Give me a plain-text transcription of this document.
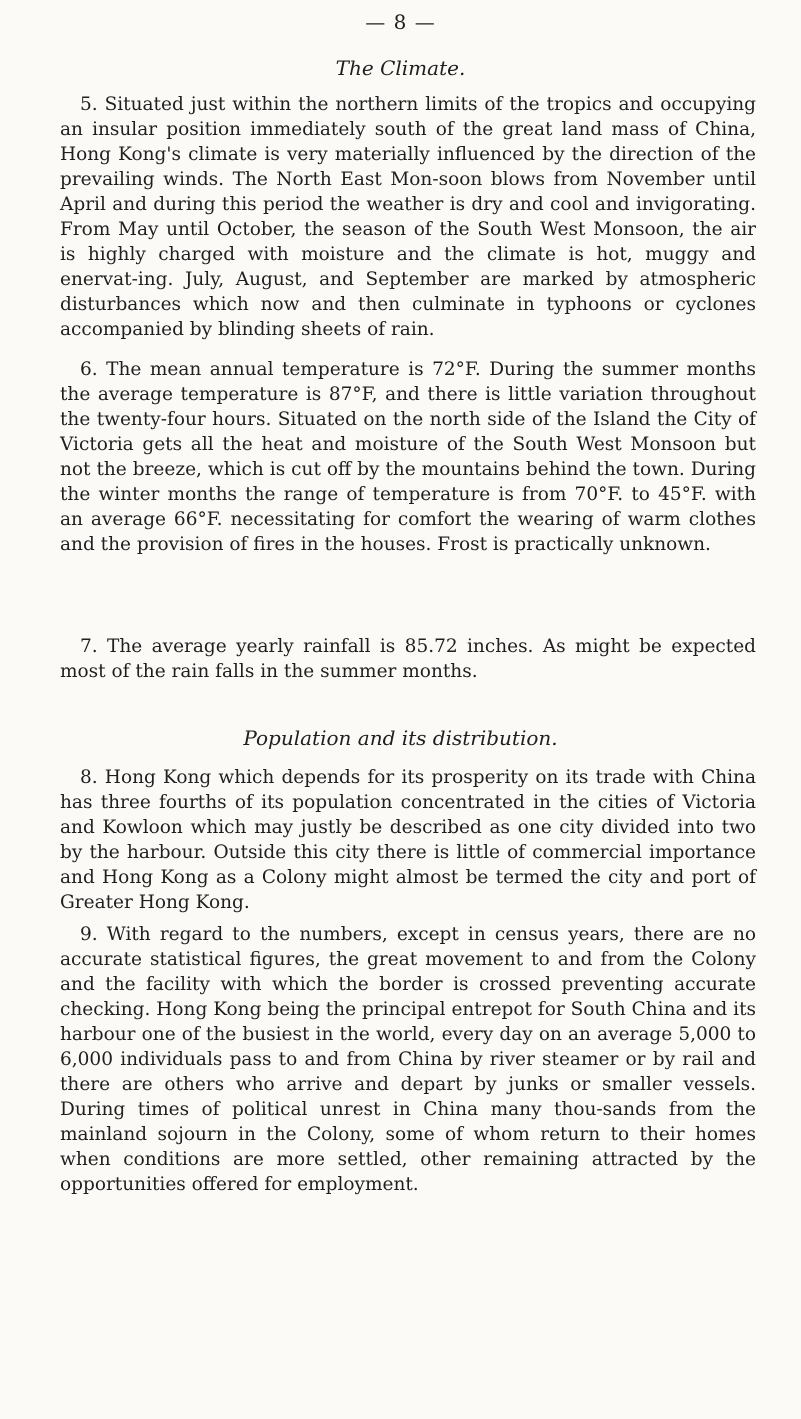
— 8 —
The Climate.

5. Situated just within the northern limits of the tropics and occupying an insular position immediately south of the great land mass of China, Hong Kong's climate is very materially influenced by the direction of the prevailing winds. The North East Mon-soon blows from November until April and during this period the weather is dry and cool and invigorating. From May until October, the season of the South West Monsoon, the air is highly charged with moisture and the climate is hot, muggy and enervat-ing. July, August, and September are marked by atmospheric disturbances which now and then culminate in typhoons or cyclones accompanied by blinding sheets of rain.

6. The mean annual temperature is 72°F. During the summer months the average temperature is 87°F, and there is little variation throughout the twenty-four hours. Situated on the north side of the Island the City of Victoria gets all the heat and moisture of the South West Monsoon but not the breeze, which is cut off by the mountains behind the town. During the winter months the range of temperature is from 70°F. to 45°F. with an average 66°F. necessitating for comfort the wearing of warm clothes and the provision of fires in the houses. Frost is practically unknown.

7. The average yearly rainfall is 85.72 inches. As might be expected most of the rain falls in the summer months.

Population and its distribution.

8. Hong Kong which depends for its prosperity on its trade with China has three fourths of its population concentrated in the cities of Victoria and Kowloon which may justly be described as one city divided into two by the harbour. Outside this city there is little of commercial importance and Hong Kong as a Colony might almost be termed the city and port of Greater Hong Kong.

9. With regard to the numbers, except in census years, there are no accurate statistical figures, the great movement to and from the Colony and the facility with which the border is crossed preventing accurate checking. Hong Kong being the principal entrepot for South China and its harbour one of the busiest in the world, every day on an average 5,000 to 6,000 individuals pass to and from China by river steamer or by rail and there are others who arrive and depart by junks or smaller vessels. During times of political unrest in China many thou-sands from the mainland sojourn in the Colony, some of whom return to their homes when conditions are more settled, other remaining attracted by the opportunities offered for employment.
